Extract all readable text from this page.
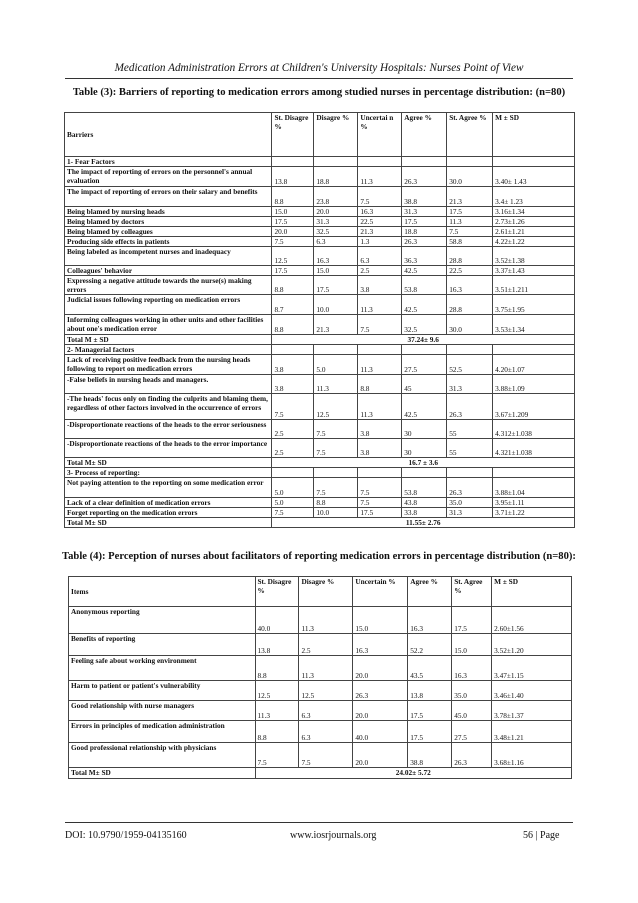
Medication Administration Errors at Children's University Hospitals: Nurses Point of View
Table (3): Barriers of reporting to medication errors among studied nurses in percentage distribution: (n=80)
Barriers	St. Disagre %	Disagre %	Uncertai n %	Agree %	St. Agree %	M ± SD
1- Fear Factors						
The impact of reporting of errors on the personnel's annual evaluation	13.8	18.8	11.3	26.3	30.0	3.40± 1.43
The impact of reporting of errors on their salary and benefits	8.8	23.8	7.5	38.8	21.3	3.4± 1.23
Being blamed by nursing heads	15.0	20.0	16.3	31.3	17.5	3.16±1.34
Being blamed by doctors	17.5	31.3	22.5	17.5	11.3	2.73±1.26
Being blamed by colleagues	20.0	32.5	21.3	18.8	7.5	2.61±1.21
Producing side effects in patients	7.5	6.3	1.3	26.3	58.8	4.22±1.22
Being labeled as incompetent nurses and inadequacy	12.5	16.3	6.3	36.3	28.8	3.52±1.38
Colleagues' behavior	17.5	15.0	2.5	42.5	22.5	3.37±1.43
Expressing a negative attitude towards the nurse(s) making errors	8.8	17.5	3.8	53.8	16.3	3.51±1.211
Judicial issues following reporting on medication errors	8.7	10.0	11.3	42.5	28.8	3.75±1.95
Informing colleagues working in other units and other facilities about one's medication error	8.8	21.3	7.5	32.5	30.0	3.53±1.34
Total M ± SD	37.24± 9.6					
2- Managerial factors						
Lack of receiving positive feedback from the nursing heads following to report on medication errors	3.8	5.0	11.3	27.5	52.5	4.20±1.07
-False beliefs in nursing heads and managers.	3.8	11.3	8.8	45	31.3	3.88±1.09
-The heads' focus only on finding the culprits and blaming them, regardless of other factors involved in the occurrence of errors	7.5	12.5	11.3	42.5	26.3	3.67±1.209
-Disproportionate reactions of the heads to the error seriousness	2.5	7.5	3.8	30	55	4.312±1.038
-Disproportionate reactions of the heads to the error importance	2.5	7.5	3.8	30	55	4.321±1.038
Total M± SD	16.7 ± 3.6					
3- Process of reporting:						
Not paying attention to the reporting on some medication error	5.0	7.5	7.5	53.8	26.3	3.88±1.04
Lack of a clear definition of medication errors	5.0	8.8	7.5	43.8	35.0	3.95±1.11
Forget reporting on the medication errors	7.5	10.0	17.5	33.8	31.3	3.71±1.22
Total M± SD	11.55± 2.76					
Table (4): Perception of nurses about facilitators of reporting medication errors in percentage distribution (n=80):
Items	St. Disagre %	Disagre %	Uncertain %	Agree %	St. Agree %	M ± SD
Anonymous reporting	40.0	11.3	15.0	16.3	17.5	2.60±1.56
Benefits of reporting	13.8	2.5	16.3	52.2	15.0	3.52±1.20
Feeling safe about working environment	8.8	11.3	20.0	43.5	16.3	3.47±1.15
Harm to patient or patient's vulnerability	12.5	12.5	26.3	13.8	35.0	3.46±1.40
Good relationship with nurse managers	11.3	6.3	20.0	17.5	45.0	3.78±1.37
Errors in principles of medication administration	8.8	6.3	40.0	17.5	27.5	3.48±1.21
Good professional relationship with physicians	7.5	7.5	20.0	38.8	26.3	3.68±1.16
Total M± SD	24.02± 5.72					
DOI: 10.9790/1959-04135160	www.iosrjournals.org	56 | Page
